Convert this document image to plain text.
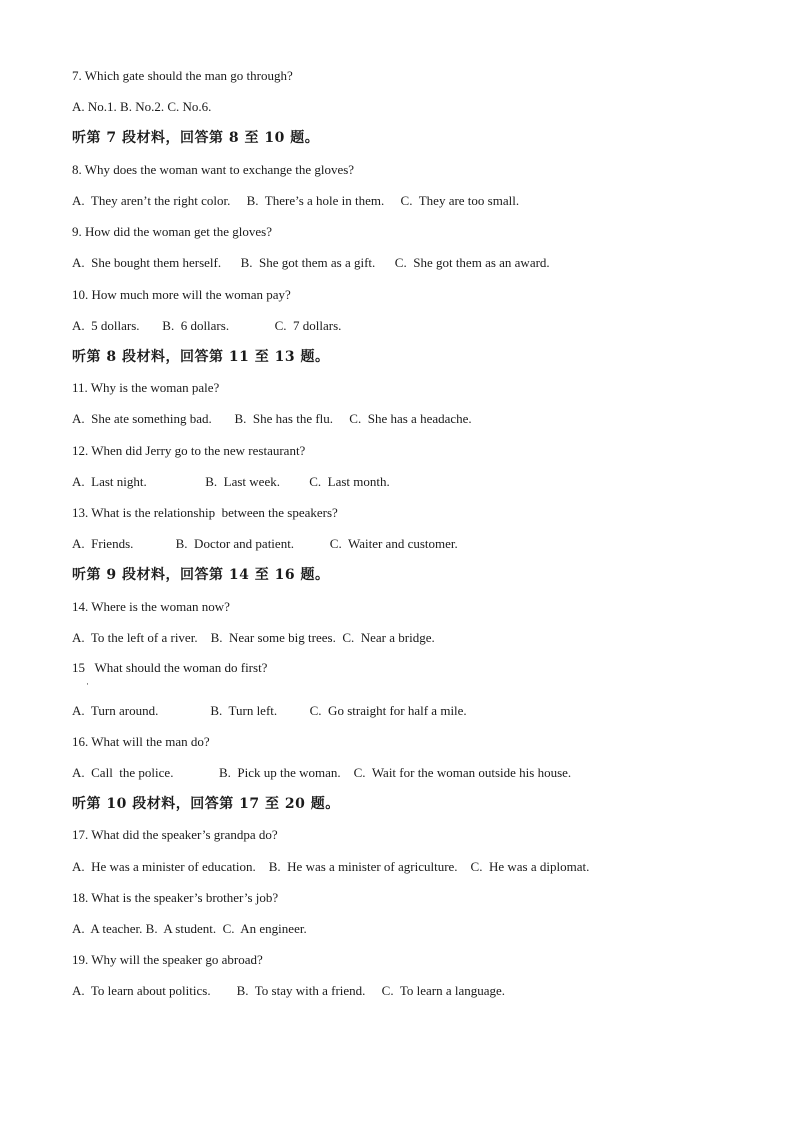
7. Which gate should the man go through?
A. No.1. B. No.2. C. No.6.
听第 7 段材料，回答第 8 至 10 题。
8. Why does the woman want to exchange the gloves?
A.  They aren’t the right color.     B.  There’s a hole in them.     C.  They are too small.
9. How did the woman get the gloves?
A.  She bought them herself.      B.  She got them as a gift.      C.  She got them as an award.
10. How much more will the woman pay?
A.  5 dollars.       B.  6 dollars.              C.  7 dollars.
听第 8 段材料，回答第 11 至 13 题。
11. Why is the woman pale?
A.  She ate something bad.       B.  She has the flu.     C.  She has a headache.
12. When did Jerry go to the new restaurant?
A.  Last night.                  B.  Last week.         C.  Last month.
13. What is the relationship  between the speakers?
A.  Friends.             B.  Doctor and patient.           C.  Waiter and customer.
听第 9 段材料，回答第 14 至 16 题。
14. Where is the woman now?
A.  To the left of a river.    B.  Near some big trees.  C.  Near a bridge.
15   What should the woman do first?
·
A.  Turn around.                B.  Turn left.          C.  Go straight for half a mile.
16. What will the man do?
A.  Call  the police.              B.  Pick up the woman.    C.  Wait for the woman outside his house.
听第 10 段材料，回答第 17 至 20 题。
17. What did the speaker’s grandpa do?
A.  He was a minister of education.    B.  He was a minister of agriculture.    C.  He was a diplomat.
18. What is the speaker’s brother’s job?
A.  A teacher. B.  A student.  C.  An engineer.
19. Why will the speaker go abroad?
A.  To learn about politics.        B.  To stay with a friend.     C.  To learn a language.
